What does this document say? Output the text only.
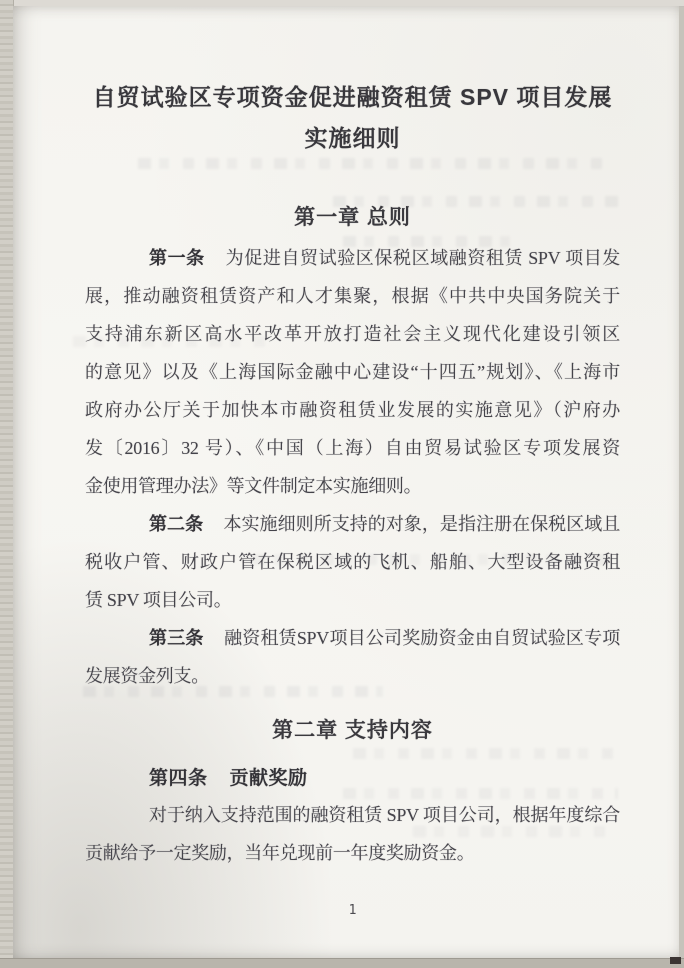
自贸试验区专项资金促进融资租赁 SPV 项目发展
实施细则
第一章 总则
第一条 为促进自贸试验区保税区域融资租赁 SPV 项目发
展，推动融资租赁资产和人才集聚，根据《中共中央国务院关于
支持浦东新区高水平改革开放打造社会主义现代化建设引领区
的意见》以及《上海国际金融中心建设“十四五”规划》、《上海市
政府办公厅关于加快本市融资租赁业发展的实施意见》（沪府办
发〔2016〕32 号）、《中国（上海）自由贸易试验区专项发展资
金使用管理办法》等文件制定本实施细则。
第二条 本实施细则所支持的对象，是指注册在保税区域且
税收户管、财政户管在保税区域的飞机、船舶、大型设备融资租
赁 SPV 项目公司。
第三条 融资租赁SPV项目公司奖励资金由自贸试验区专项
发展资金列支。
第二章 支持内容
第四条 贡献奖励
对于纳入支持范围的融资租赁 SPV 项目公司，根据年度综合
贡献给予一定奖励，当年兑现前一年度奖励资金。
1
